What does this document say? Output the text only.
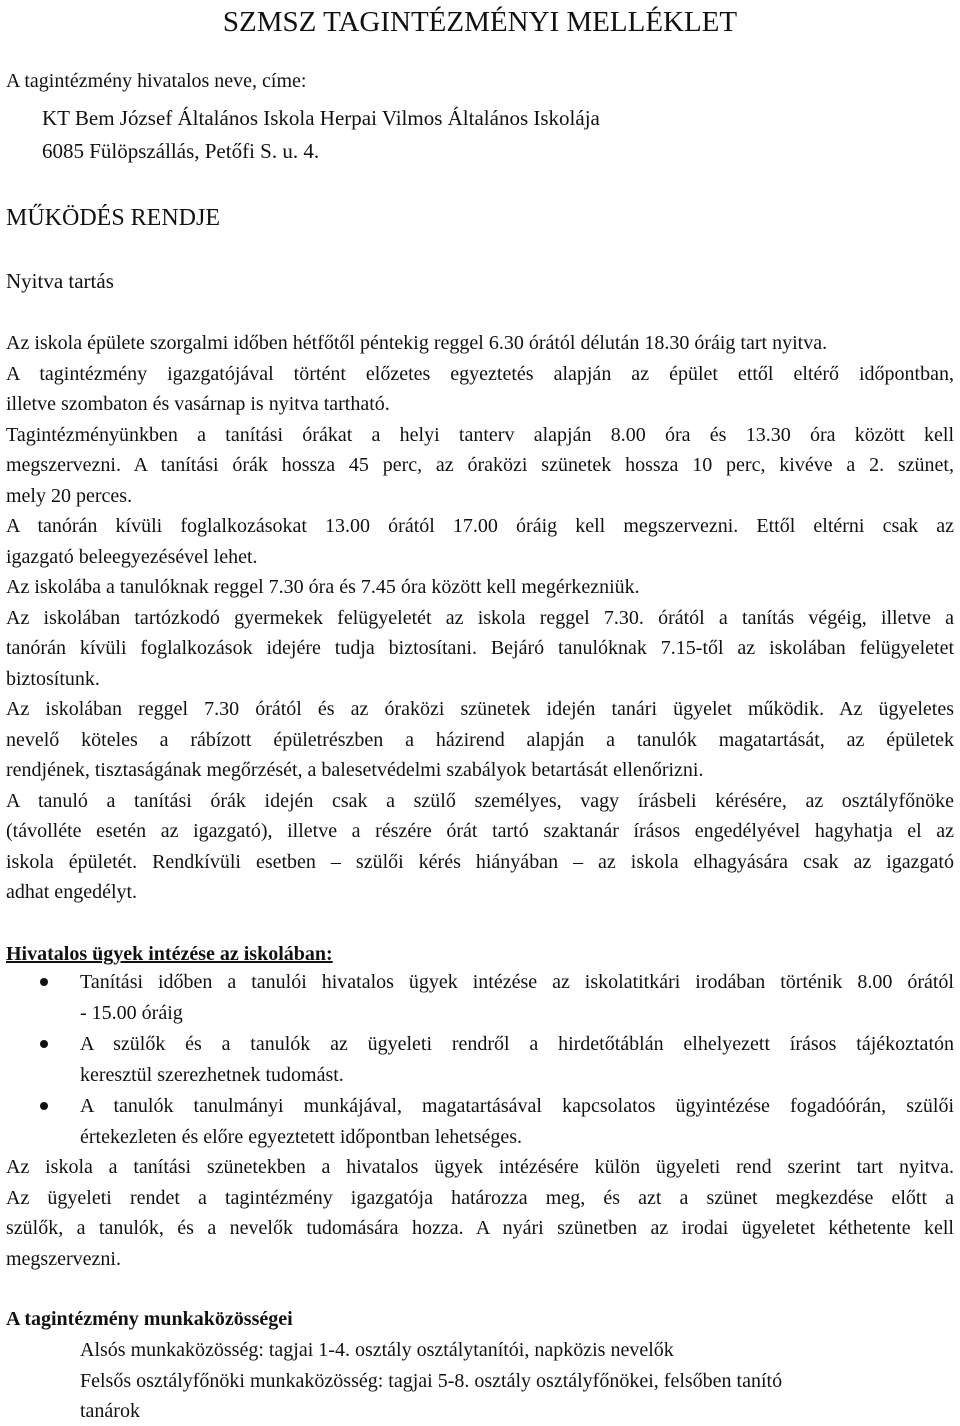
SZMSZ TAGINTÉZMÉNYI MELLÉKLET

A tagintézmény hivatalos neve, címe:

KT Bem József Általános Iskola Herpai Vilmos Általános Iskolája

6085 Fülöpszállás, Petőfi S. u. 4.

MŰKÖDÉS RENDJE

Nyitva tartás

Az iskola épülete szorgalmi időben hétfőtől péntekig reggel 6.30 órától délután 18.30 óráig tart nyitva.

A tagintézmény igazgatójával történt előzetes egyeztetés alapján az épület ettől eltérő időpontban,

illetve szombaton és vasárnap is nyitva tartható.

Tagintézményünkben a tanítási órákat a helyi tanterv alapján 8.00 óra és 13.30 óra között kell

megszervezni. A tanítási órák hossza 45 perc, az óraközi szünetek hossza 10 perc, kivéve a 2. szünet,

mely 20 perces.

A tanórán kívüli foglalkozásokat 13.00 órától 17.00 óráig kell megszervezni. Ettől eltérni csak az

igazgató beleegyezésével lehet.

Az iskolába a tanulóknak reggel 7.30 óra és 7.45 óra között kell megérkezniük.

Az iskolában tartózkodó gyermekek felügyeletét az iskola reggel 7.30. órától a tanítás végéig, illetve a

tanórán kívüli foglalkozások idejére tudja biztosítani. Bejáró tanulóknak 7.15-től az iskolában felügyeletet

biztosítunk.

Az iskolában reggel 7.30 órától és az óraközi szünetek idején tanári ügyelet működik. Az ügyeletes

nevelő köteles a rábízott épületrészben a házirend alapján a tanulók magatartását, az épületek

rendjének, tisztaságának megőrzését, a balesetvédelmi szabályok betartását ellenőrizni.

A tanuló a tanítási órák idején csak a szülő személyes, vagy írásbeli kérésére, az osztályfőnöke

(távolléte esetén az igazgató), illetve a részére órát tartó szaktanár írásos engedélyével hagyhatja el az

iskola épületét. Rendkívüli esetben – szülői kérés hiányában – az iskola elhagyására csak az igazgató

adhat engedélyt.

Hivatalos ügyek intézése az iskolában:

Tanítási időben a tanulói hivatalos ügyek intézése az iskolatitkári irodában történik 8.00 órától

- 15.00 óráig

A szülők és a tanulók az ügyeleti rendről a hirdetőtáblán elhelyezett írásos tájékoztatón

keresztül szerezhetnek tudomást.

A tanulók tanulmányi munkájával, magatartásával kapcsolatos ügyintézése fogadóórán, szülői

értekezleten és előre egyeztetett időpontban lehetséges.

Az iskola a tanítási szünetekben a hivatalos ügyek intézésére külön ügyeleti rend szerint tart nyitva.

Az ügyeleti rendet a tagintézmény igazgatója határozza meg, és azt a szünet megkezdése előtt a

szülők, a tanulók, és a nevelők tudomására hozza. A nyári szünetben az irodai ügyeletet kéthetente kell

megszervezni.

A tagintézmény munkaközösségei

Alsós munkaközösség: tagjai 1-4. osztály osztálytanítói, napközis nevelők

Felsős osztályfőnöki munkaközösség: tagjai 5-8. osztály osztályfőnökei, felsőben tanító

tanárok
